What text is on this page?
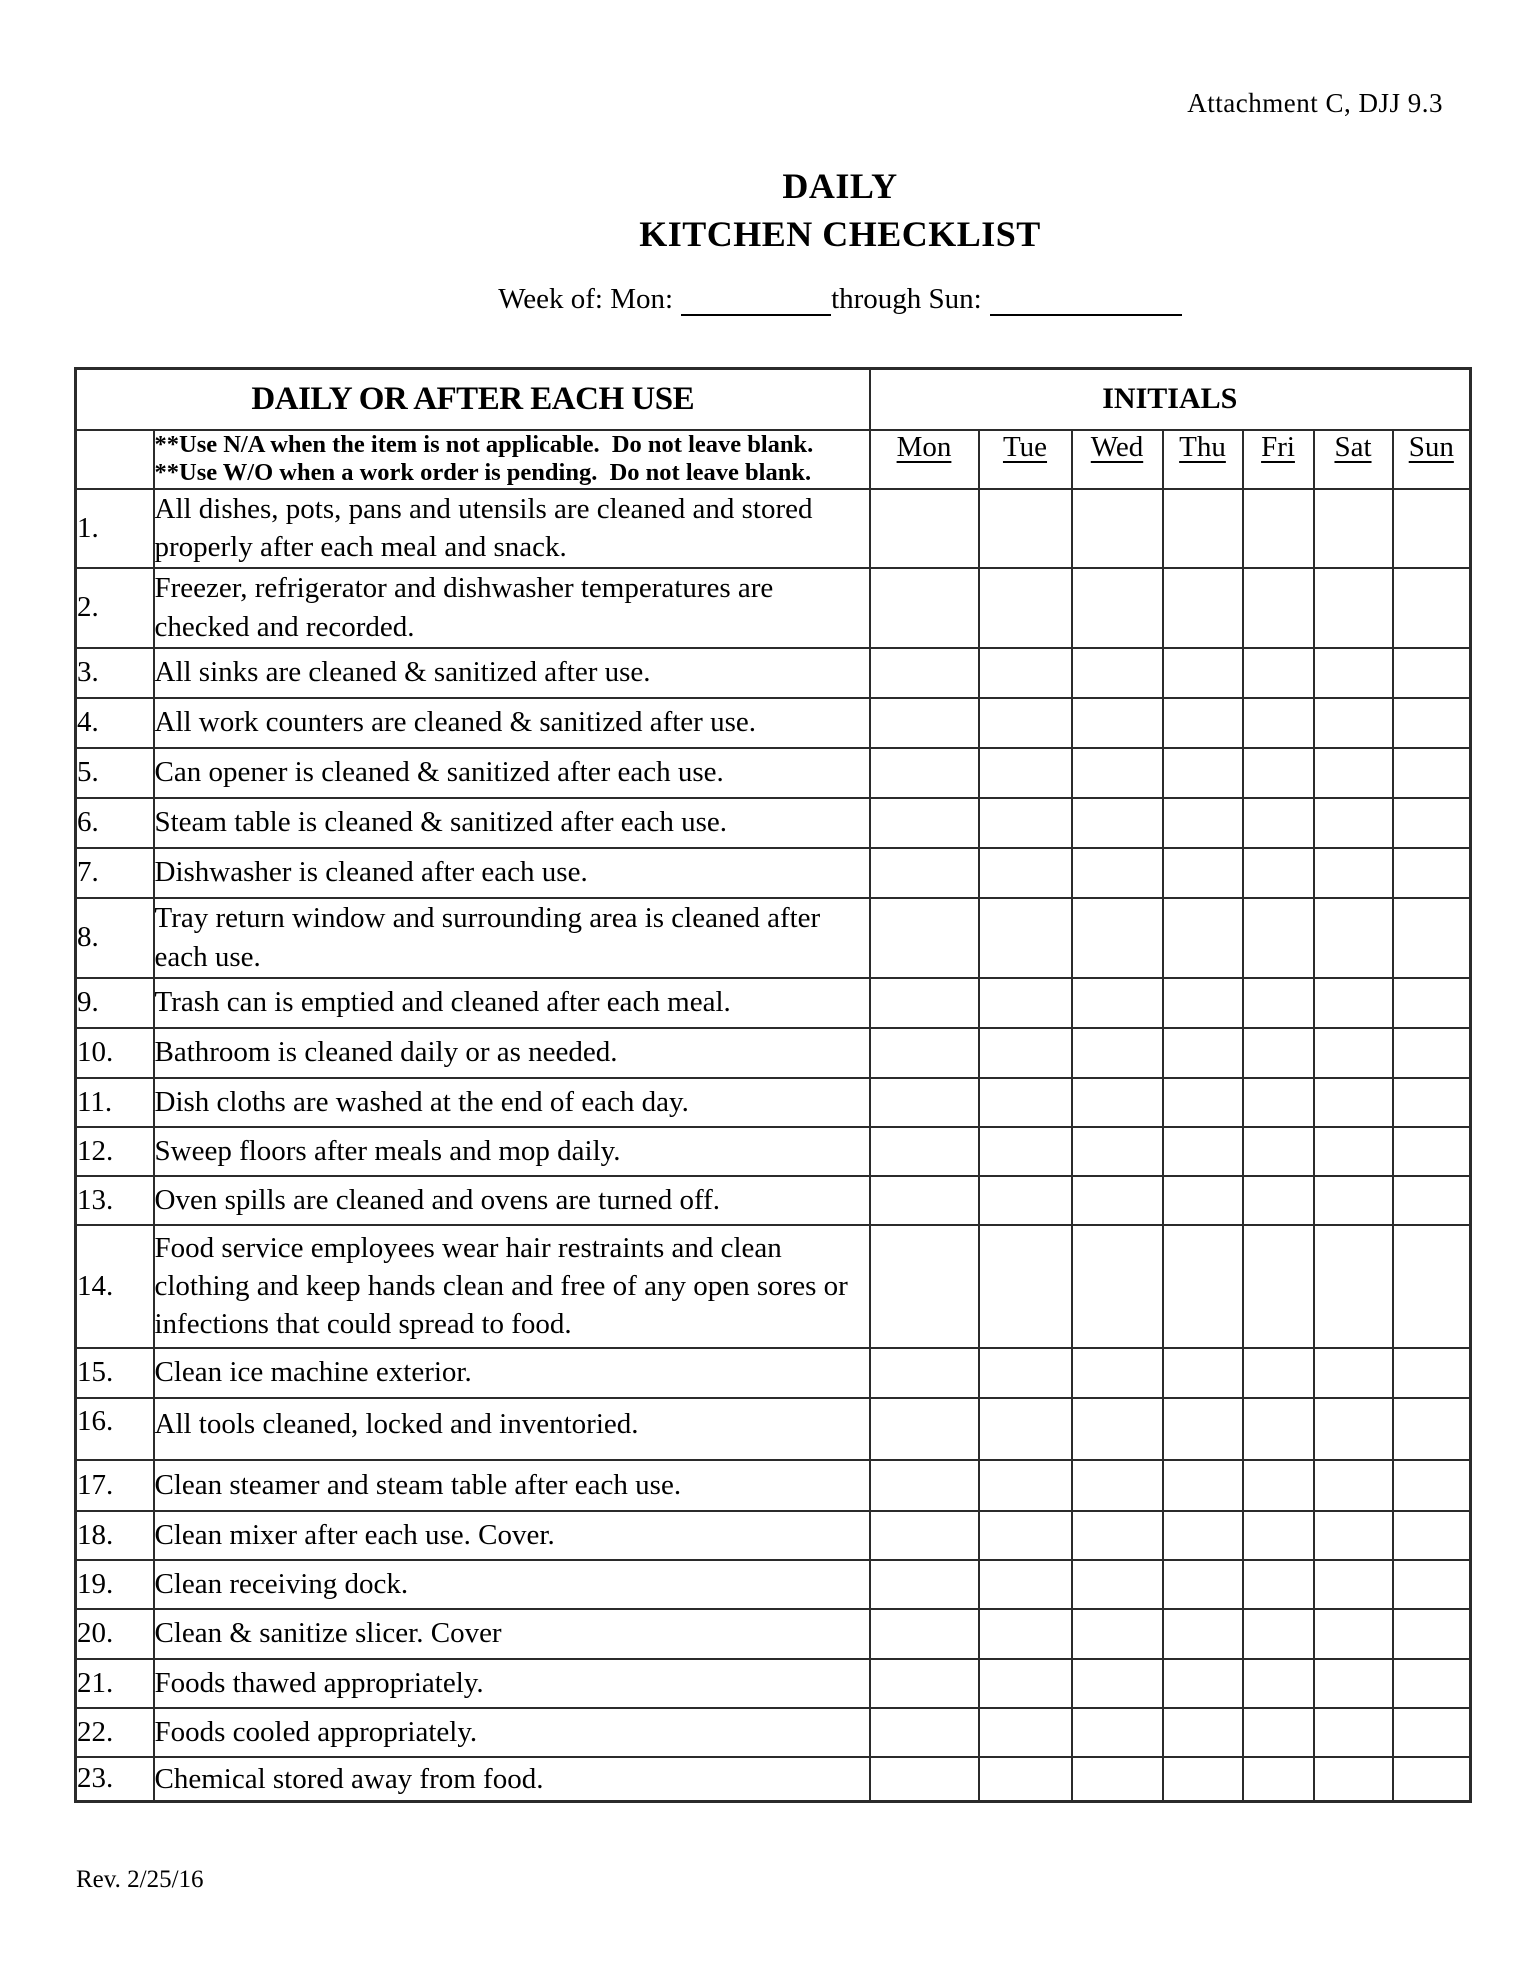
Attachment C, DJJ 9.3
DAILY
KITCHEN CHECKLIST
Week of: Mon:	through Sun:
DAILY OR AFTER EACH USE		INITIALS						

	**Use N/A when the item is not applicable.  Do not leave blank.
**Use W/O when a work order is pending.  Do not leave blank.	Mon	Tue	Wed	Thu	Fri	Sat	Sun
1.	All dishes, pots, pans and utensils are cleaned and stored properly after each meal and snack.							
2.	Freezer, refrigerator and dishwasher temperatures are checked and recorded.							
3.	All sinks are cleaned & sanitized after use.							
4.	All work counters are cleaned & sanitized after use.							
5.	Can opener is cleaned & sanitized after each use.							
6.	Steam table is cleaned & sanitized after each use.							
7.	Dishwasher is cleaned after each use.							
8.	Tray return window and surrounding area is cleaned after each use.							
9.	Trash can is emptied and cleaned after each meal.							
10.	Bathroom is cleaned daily or as needed.							
11.	Dish cloths are washed at the end of each day.							
12.	Sweep floors after meals and mop daily.							
13.	Oven spills are cleaned and ovens are turned off.							
14.	Food service employees wear hair restraints and clean clothing and keep hands clean and free of any open sores or infections that could spread to food.							
15.	Clean ice machine exterior.							
16.	All tools cleaned, locked and inventoried.							
17.	Clean steamer and steam table after each use.							
18.	Clean mixer after each use. Cover.							
19.	Clean receiving dock.							
20.	Clean & sanitize slicer. Cover							
21.	Foods thawed appropriately.							
22.	Foods cooled appropriately.							
23.	Chemical stored away from food.							
Rev. 2/25/16
